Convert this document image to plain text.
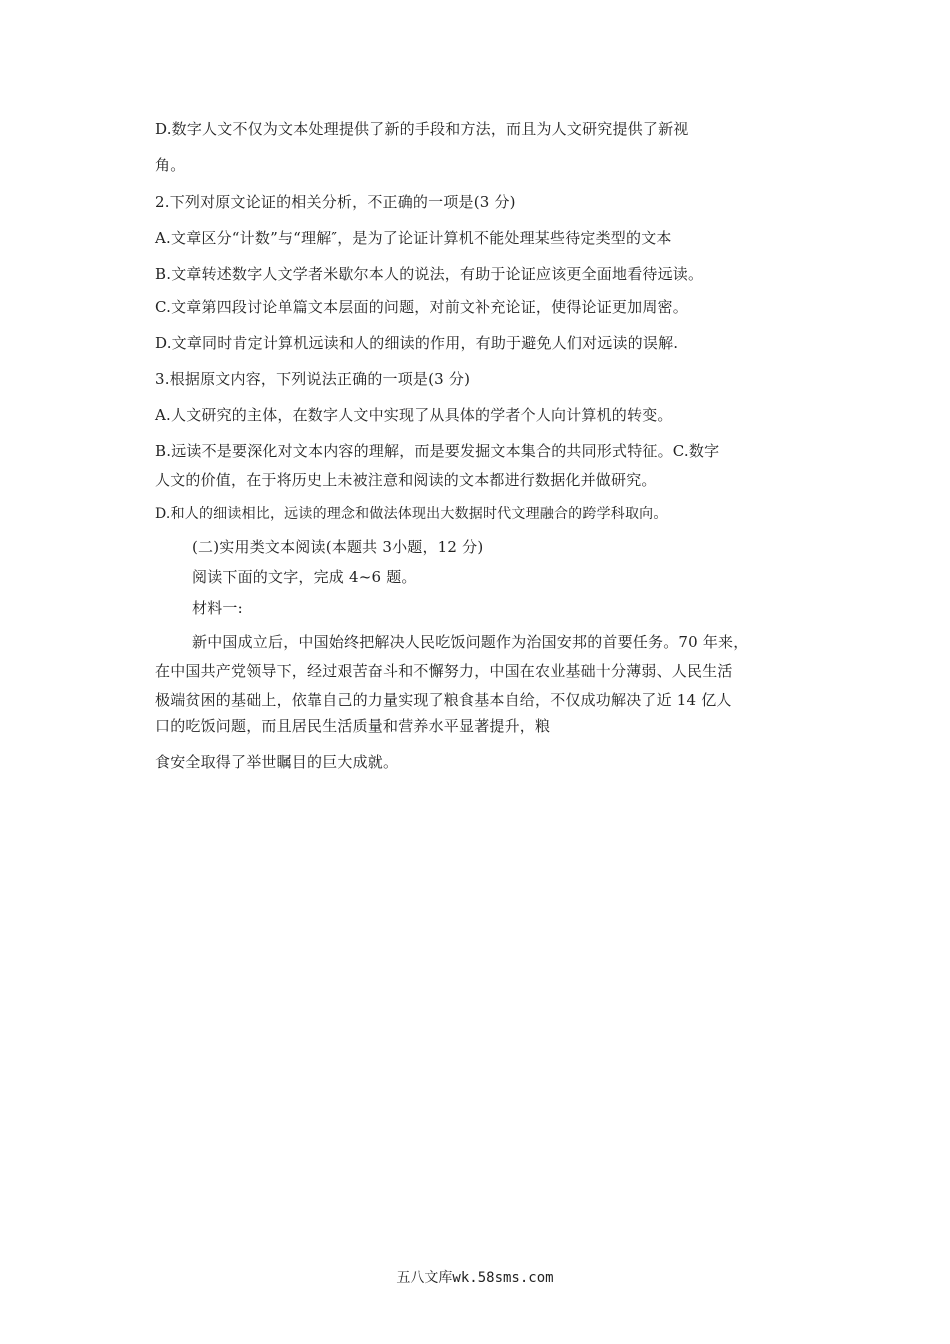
D.数字人文不仅为文本处理提供了新的手段和方法，而且为人文研究提供了新视
角。
2.下列对原文论证的相关分析，不正确的一项是(3 分)
A.文章区分“计数”与“理解″，是为了论证计算机不能处理某些待定类型的文本
B.文章转述数字人文学者米歇尔本人的说法，有助于论证应该更全面地看待远读。
C.文章第四段讨论单篇文本层面的问题，对前文补充论证，使得论证更加周密。
D.文章同时肯定计算机远读和人的细读的作用，有助于避免人们对远读的误解.
3.根据原文内容，下列说法正确的一项是(3 分)
A.人文研究的主体，在数字人文中实现了从具体的学者个人向计算机的转变。
B.远读不是要深化对文本内容的理解，而是要发掘文本集合的共同形式特征。C.数字
人文的价值，在于将历史上未被注意和阅读的文本都进行数据化并做研究。
D.和人的细读相比，远读的理念和做法体现出大数据时代文理融合的跨学科取向。
(二)实用类文本阅读(本题共 3小题，12 分)
阅读下面的文字，完成 4~6 题。
材料一:
新中国成立后，中国始终把解决人民吃饭问题作为治国安邦的首要任务。70 年来，
在中国共产党领导下，经过艰苦奋斗和不懈努力，中国在农业基础十分薄弱、人民生活
极端贫困的基础上，依靠自己的力量实现了粮食基本自给，不仅成功解决了近 14 亿人
口的吃饭问题，而且居民生活质量和营养水平显著提升，粮
食安全取得了举世瞩目的巨大成就。
五八文库wk.58sms.com
